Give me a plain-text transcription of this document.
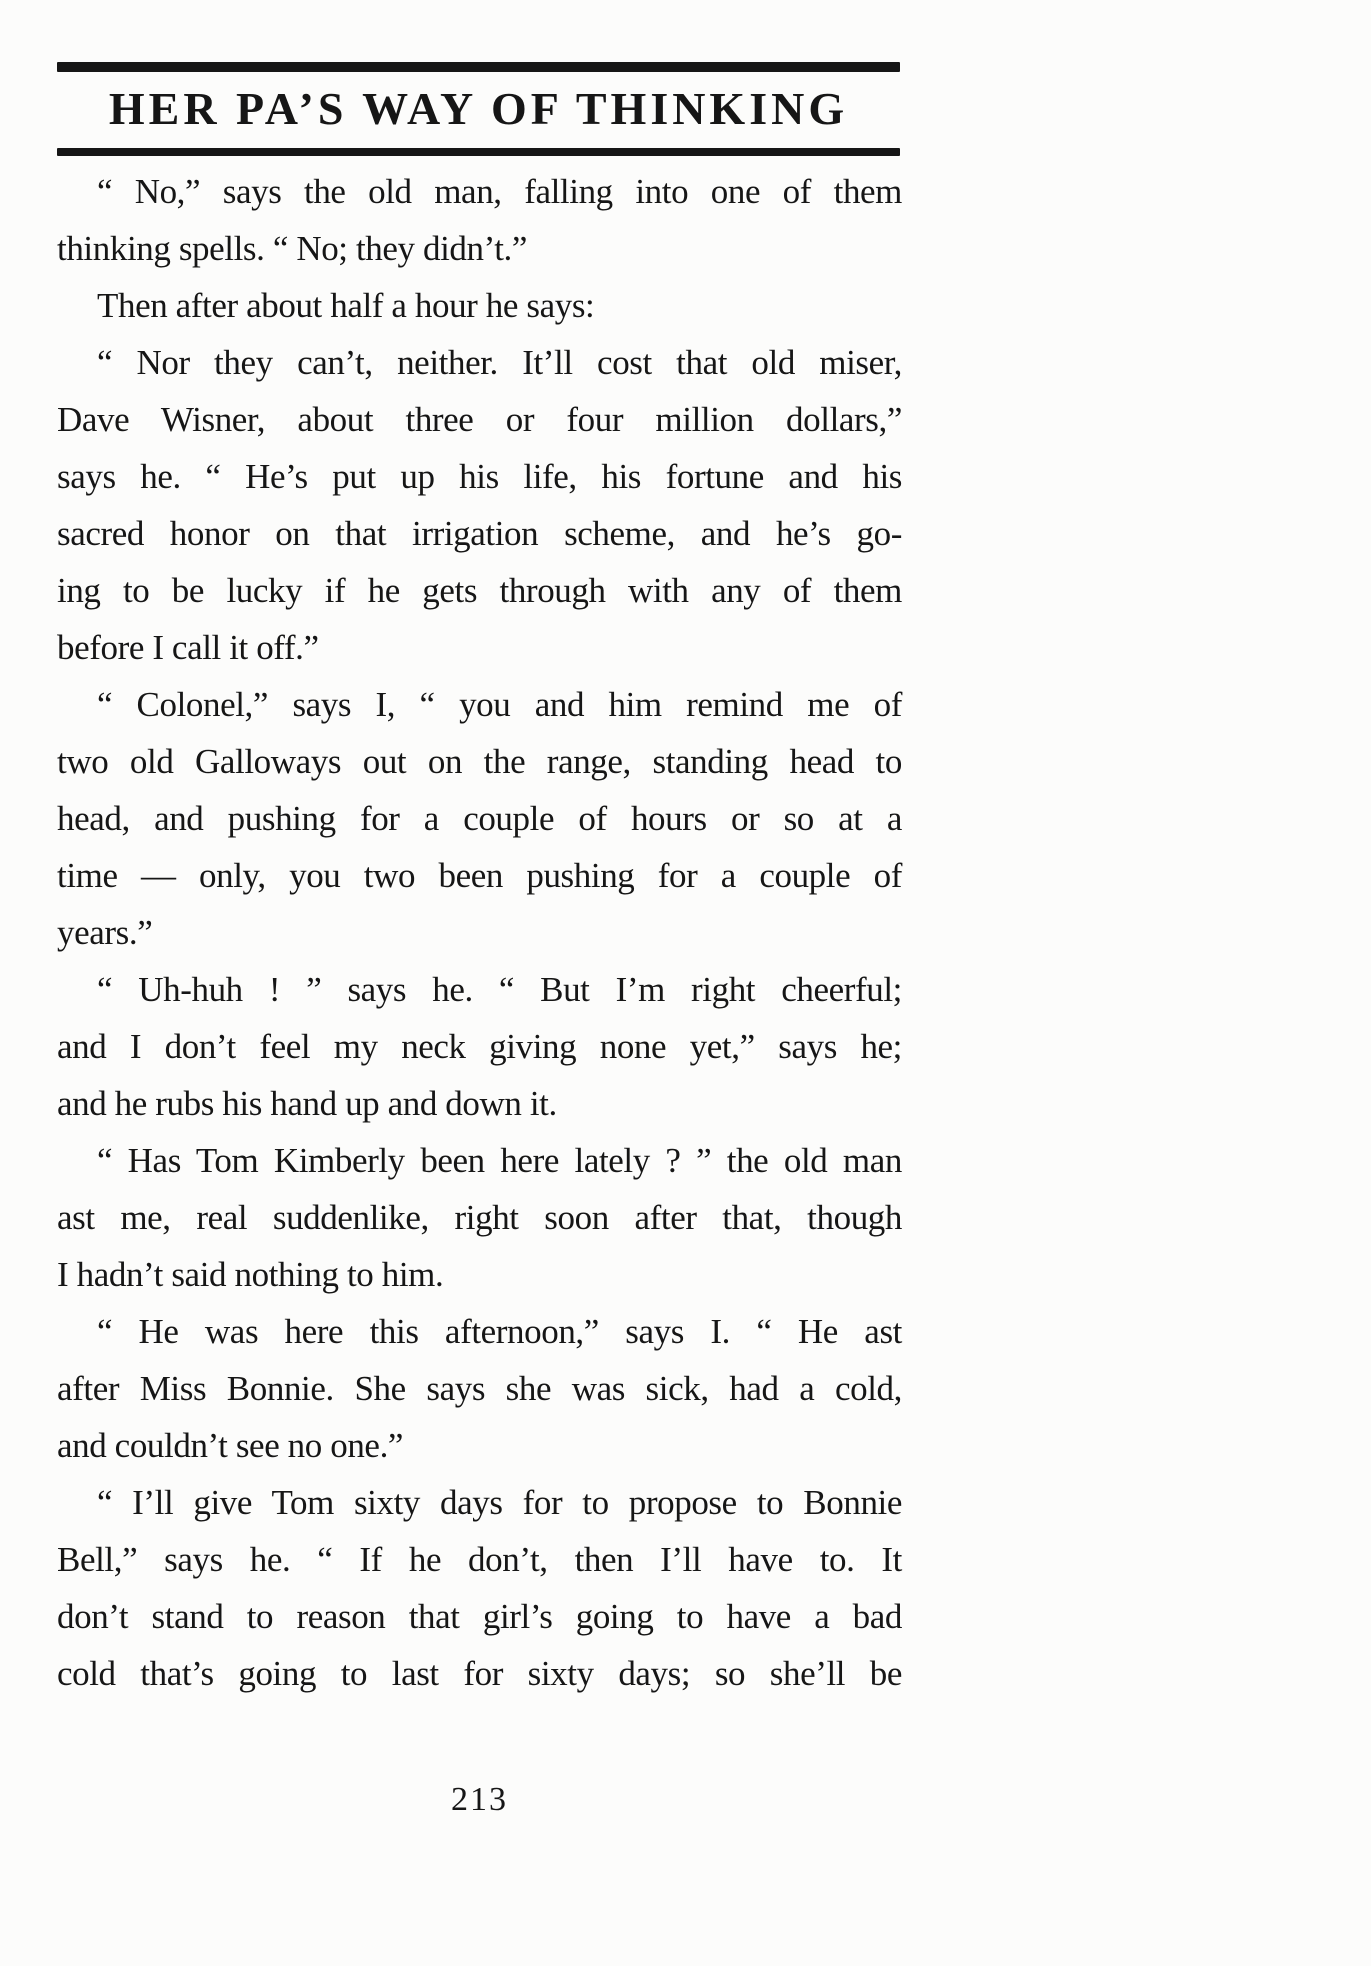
HER PA’S WAY OF THINKING
“ No,” says the old man, falling into one of them
thinking spells. “ No; they didn’t.”
Then after about half a hour he says:
“ Nor they can’t, neither. It’ll cost that old miser,
Dave Wisner, about three or four million dollars,”
says he. “ He’s put up his life, his fortune and his
sacred honor on that irrigation scheme, and he’s go-
ing to be lucky if he gets through with any of them
before I call it off.”
“ Colonel,” says I, “ you and him remind me of
two old Galloways out on the range, standing head to
head, and pushing for a couple of hours or so at a
time — only, you two been pushing for a couple of
years.”
“ Uh-huh ! ” says he. “ But I’m right cheerful;
and I don’t feel my neck giving none yet,” says he;
and he rubs his hand up and down it.
“ Has Tom Kimberly been here lately ? ” the old man
ast me, real suddenlike, right soon after that, though
I hadn’t said nothing to him.
“ He was here this afternoon,” says I. “ He ast
after Miss Bonnie. She says she was sick, had a cold,
and couldn’t see no one.”
“ I’ll give Tom sixty days for to propose to Bonnie
Bell,” says he. “ If he don’t, then I’ll have to. It
don’t stand to reason that girl’s going to have a bad
cold that’s going to last for sixty days; so she’ll be
213
